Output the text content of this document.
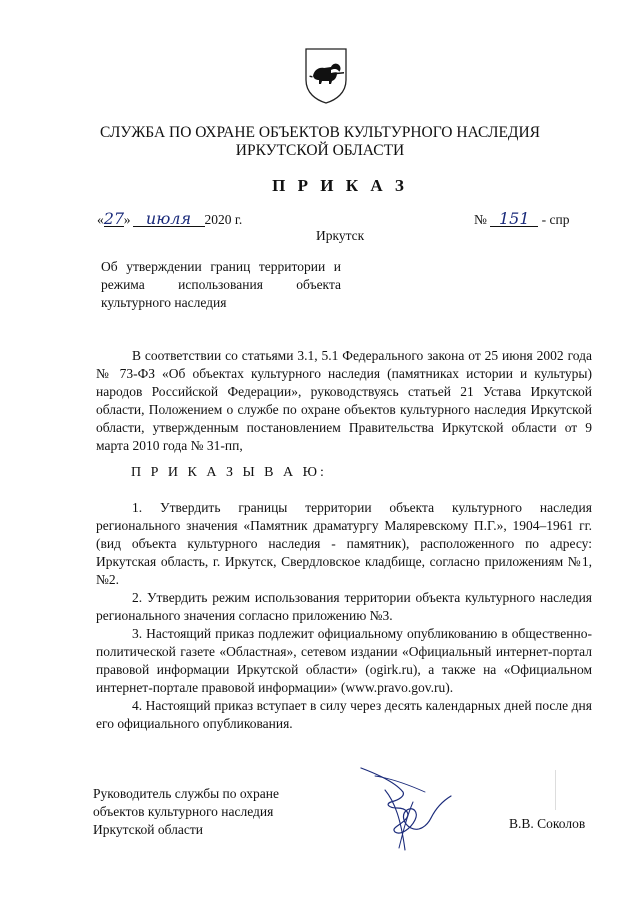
СЛУЖБА ПО ОХРАНЕ ОБЪЕКТОВ КУЛЬТУРНОГО НАСЛЕДИЯ
ИРКУТСКОЙ ОБЛАСТИ
П Р И К А З
«27» июля 2020 г.	№ 151 - спр
Иркутск
Об утверждении границ территории и
режима использования объекта
культурного наследия

В соответствии со статьями 3.1, 5.1 Федерального закона от 25 июня 2002 года № 73-ФЗ «Об объектах культурного наследия (памятниках истории и культуры) народов Российской Федерации», руководствуясь статьей 21 Устава Иркутской области, Положением о службе по охране объектов культурного наследия Иркутской области, утвержденным постановлением Правительства Иркутской области от 9 марта 2010 года № 31-пп,

П Р И К А З Ы В А Ю:

1. Утвердить границы территории объекта культурного наследия регионального значения «Памятник драматургу Маляревскому П.Г.», 1904–1961 гг. (вид объекта культурного наследия - памятник), расположенного по адресу: Иркутская область, г. Иркутск, Свердловское кладбище, согласно приложениям №1, №2.

2. Утвердить режим использования территории объекта культурного наследия регионального значения согласно приложению №3.

3. Настоящий приказ подлежит официальному опубликованию в общественно-политической газете «Областная», сетевом издании «Официальный интернет-портал правовой информации Иркутской области» (ogirk.ru), а также на «Официальном интернет-портале правовой информации» (www.pravo.gov.ru).

4. Настоящий приказ вступает в силу через десять календарных дней после дня его официального опубликования.

Руководитель службы по охране
объектов культурного наследия
Иркутской области	В.В. Соколов
